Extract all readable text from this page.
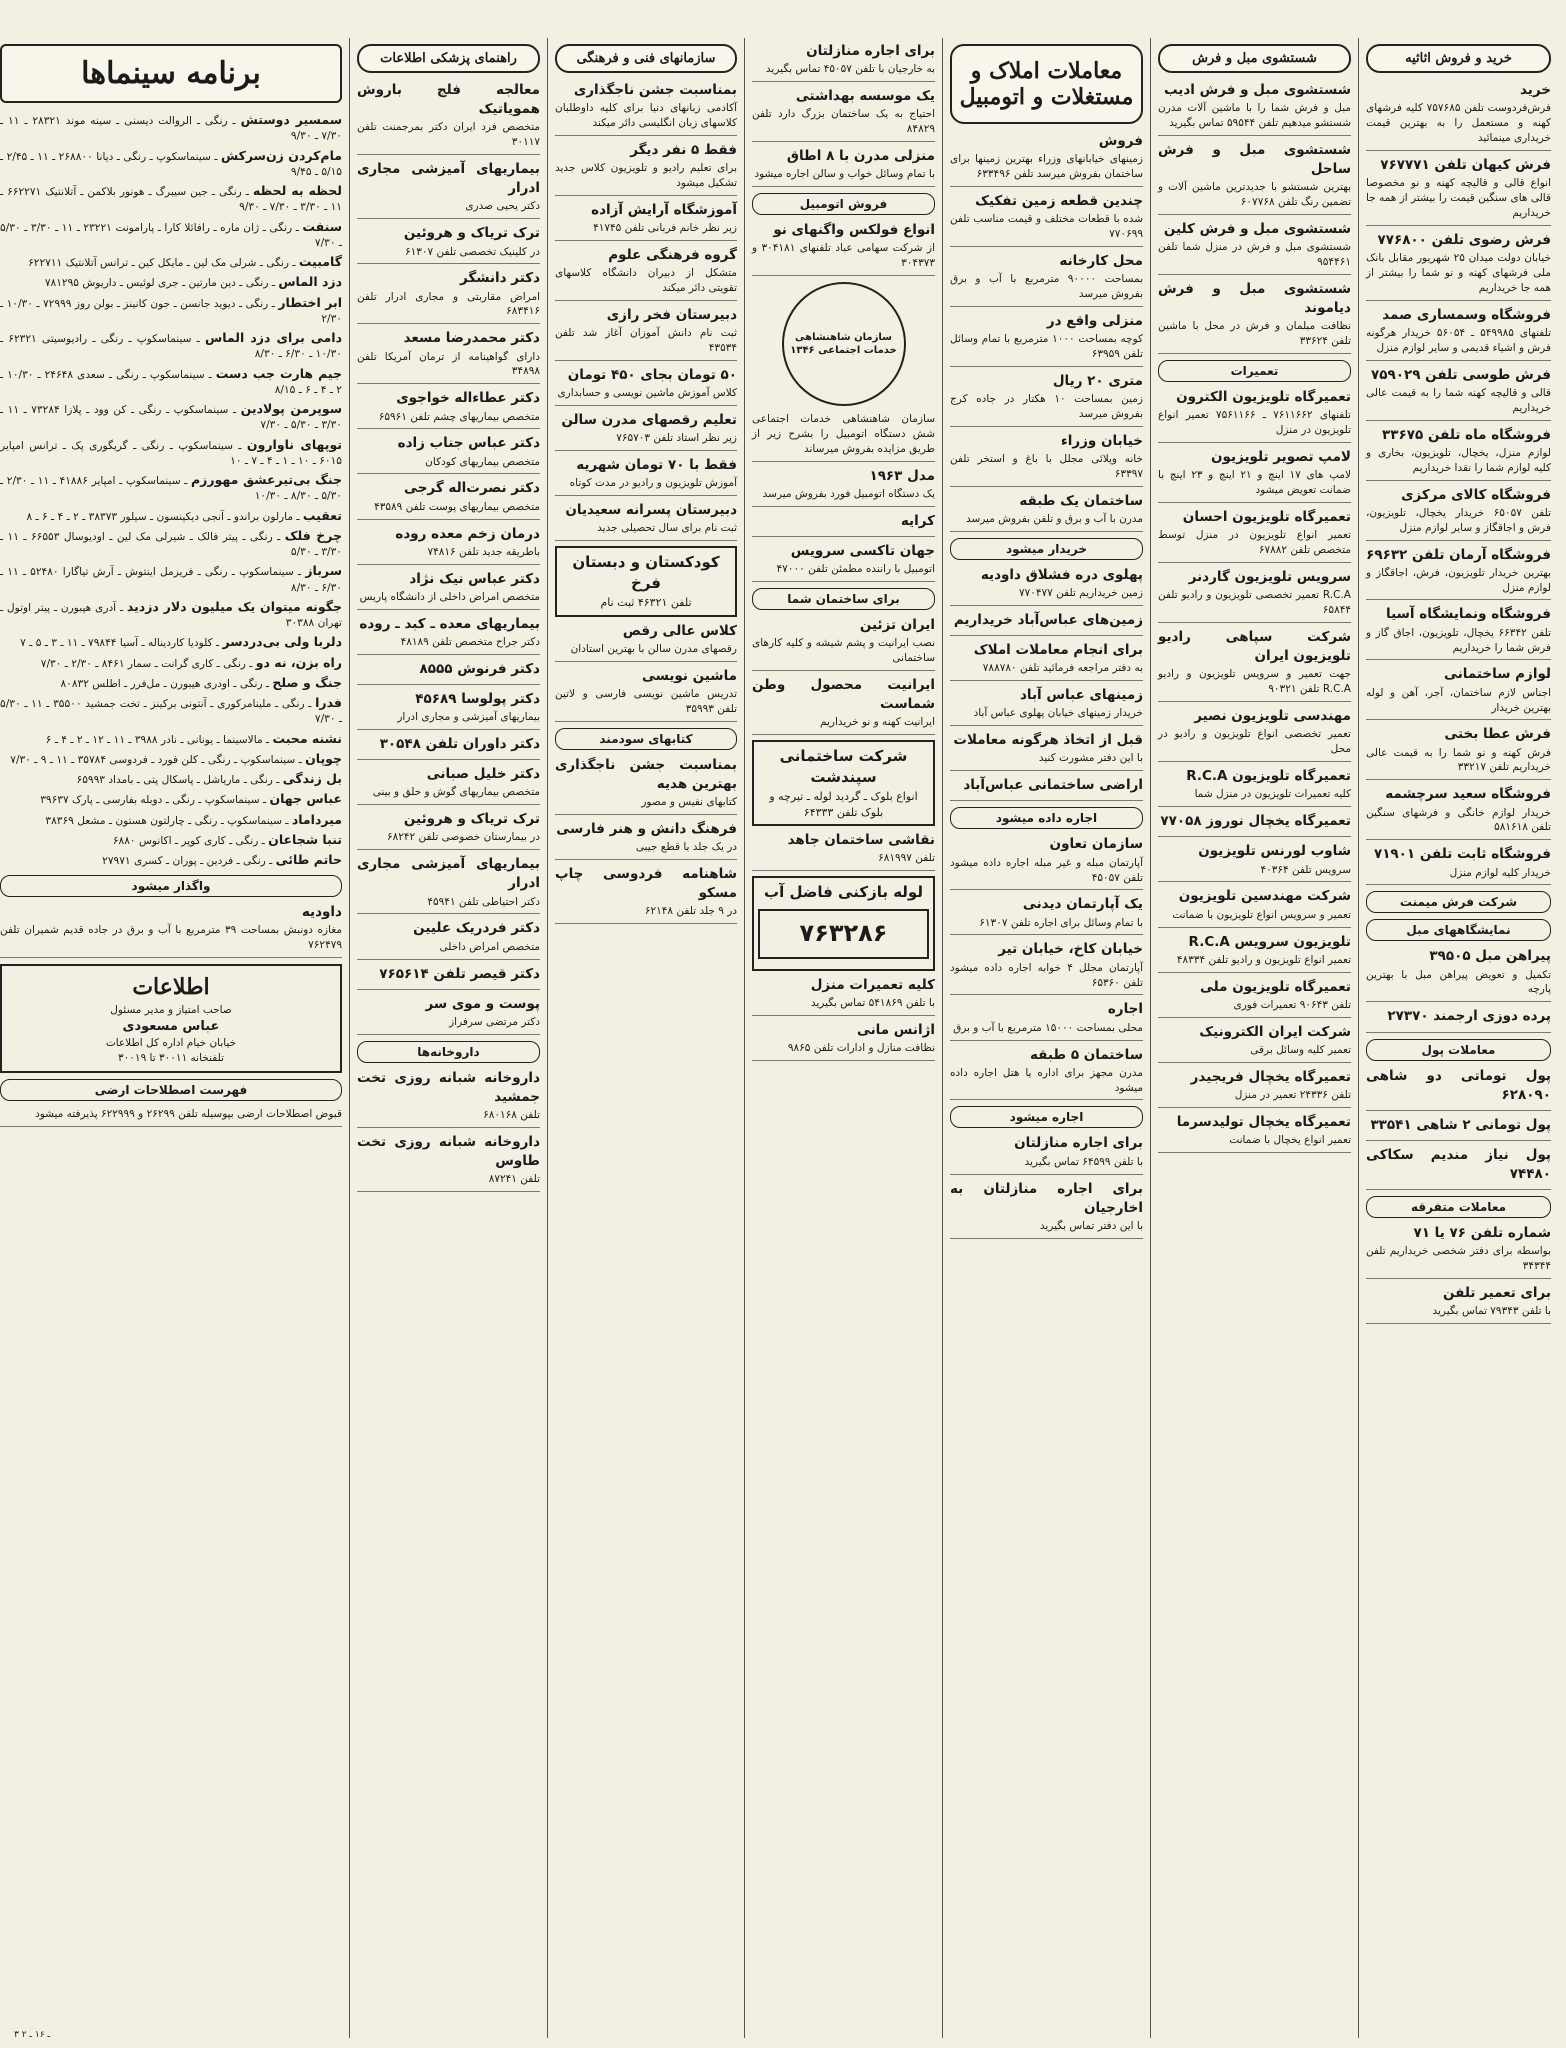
خرید و فروش اثاثیه
خرید
فرش‌فردوست تلفن ۷۵۷۶۸۵ کلیه فرشهای کهنه و مستعمل را به بهترین قیمت خریداری مینمائید
فرش کیهان تلفن ۷۶۷۷۷۱
انواع قالی و قالیچه کهنه و نو مخصوصا قالی های سنگین قیمت را بیشتر از همه جا خریداریم
فرش رضوی تلفن ۷۷۶۸۰۰
خیابان دولت میدان ۲۵ شهریور مقابل بانک ملی فرشهای کهنه و نو شما را بیشتر از همه جا خریداریم
فروشگاه وسمساری صمد
تلفنهای ۵۴۹۹۸۵ ـ ۵۶۰۵۴ خریدار هرگونه فرش و اشیاء قدیمی و سایر لوازم منزل
فرش طوسی تلفن ۷۵۹۰۲۹
قالی و قالیچه کهنه شما را به قیمت عالی خریداریم
فروشگاه ماه تلفن ۳۳۶۷۵
لوازم منزل، یخچال، تلویزیون، بخاری و کلیه لوازم شما را نقدا خریداریم
فروشگاه کالای مرکزی
تلفن ۶۵۰۵۷ خریدار یخچال، تلویزیون، فرش و اجاقگاز و سایر لوازم منزل
فروشگاه آرمان تلفن ۶۹۶۳۲
بهترین خریدار تلویزیون، فرش، اجاقگاز و لوازم منزل
فروشگاه ونمایشگاه آسیا
تلفن ۶۶۳۴۲ یخچال، تلویزیون، اجاق گاز و فرش شما را خریداریم
لوازم ساختمانی
اجناس لازم ساختمان، آجر، آهن و لوله بهترین خریدار
فرش عطا بختی
فرش کهنه و نو شما را به قیمت عالی خریداریم تلفن ۳۳۲۱۷
فروشگاه سعید سرچشمه
خریدار لوازم خانگی و فرشهای سنگین تلفن ۵۸۱۶۱۸
فروشگاه ثابت تلفن ۷۱۹۰۱
خریدار کلیه لوازم منزل
شرکت فرش میمنت
نمایشگاههای مبل
پیراهن مبل ۳۹۵۰۵
تکمیل و تعویض پیراهن مبل با بهترین پارچه
پرده دوزی ارجمند ۲۷۳۷۰
معاملات پول
پول توماتی دو شاهی ۶۲۸۰۹۰
پول تومانی ۲ شاهی ۳۳۵۴۱
پول نیاز مندیم سکاکی ۷۴۴۸۰
معاملات متفرقه
شماره تلفن ۷۶ یا ۷۱
بواسطه برای دفتر شخصی خریداریم تلفن ۳۴۳۴۴
برای تعمیر تلفن
با تلفن ۷۹۳۴۳ تماس بگیرید
شستشوی مبل و فرش
شستشوی مبل و فرش ادیب
مبل و فرش شما را با ماشین آلات مدرن شستشو میدهیم تلفن ۵۹۵۴۴ تماس بگیرید
شستشوی مبل و فرش ساحل
بهترین شستشو با جدیدترین ماشین آلات و تضمین رنگ تلفن ۶۰۷۷۶۸
شستشوی مبل و فرش کلین
شستشوی مبل و فرش در منزل شما تلفن ۹۵۴۴۶۱
شستشوی مبل و فرش دیاموند
نظافت مبلمان و فرش در محل با ماشین تلفن ۳۳۶۲۴
تعمیرات
تعمیرگاه تلویزیون الکترون
تلفنهای ۷۶۱۱۶۶۲ ـ ۷۵۶۱۱۶۶ تعمیر انواع تلویزیون در منزل
لامپ تصویر تلویزیون
لامپ های ۱۷ اینچ و ۲۱ اینچ و ۲۳ اینچ با ضمانت تعویض میشود
تعمیرگاه تلویزیون احسان
تعمیر انواع تلویزیون در منزل توسط متخصص تلفن ۶۷۸۸۲
سرویس تلویزیون گاردنر
R.C.A تعمیر تخصصی تلویزیون و رادیو تلفن ۶۵۸۴۴
شرکت سپاهی رادیو تلویزیون ایران
جهت تعمیر و سرویس تلویزیون و رادیو R.C.A تلفن ۹۰۳۲۱
مهندسی تلویزیون نصیر
تعمیر تخصصی انواع تلویزیون و رادیو در محل
تعمیرگاه تلویزیون R.C.A
کلیه تعمیرات تلویزیون در منزل شما
تعمیرگاه یخچال نوروز ۷۷۰۵۸
شاوب لورنس تلویزیون
سرویس تلفن ۴۰۳۶۴
شرکت مهندسین تلویزیون
تعمیر و سرویس انواع تلویزیون با ضمانت
تلویزیون سرویس R.C.A
تعمیر انواع تلویزیون و رادیو تلفن ۴۸۳۳۴
تعمیرگاه تلویزیون ملی
تلفن ۹۰۶۴۳ تعمیرات فوری
شرکت ایران الکترونیک
تعمیر کلیه وسائل برقی
تعمیرگاه یخچال فریجیدر
تلفن ۲۴۳۳۶ تعمیر در منزل
تعمیرگاه یخچال تولیدسرما
تعمیر انواع یخچال با ضمانت
معاملات املاک و مستغلات و اتومبیل
فروش
زمینهای خیابانهای وزراء بهترین زمینها برای ساختمان بفروش میرسد تلفن ۶۳۳۴۹۶
چندین قطعه زمین تفکیک
شده با قطعات مختلف و قیمت مناسب تلفن ۷۷۰۶۹۹
محل کارخانه
بمساحت ۹۰۰۰۰ مترمربع با آب و برق بفروش میرسد
منزلی واقع در
کوچه بمساحت ۱۰۰۰ مترمربع با تمام وسائل تلفن ۶۳۹۵۹
متری ۲۰ ریال
زمین بمساحت ۱۰ هکتار در جاده کرج بفروش میرسد
خیابان وزراء
خانه ویلائی مجلل با باغ و استخر تلفن ۶۳۳۹۷
ساختمان یک طبقه
مدرن با آب و برق و تلفن بفروش میرسد
خریدار میشود
پهلوی دره فشلاق داودیه
زمین خریداریم تلفن ۷۷۰۴۷۷
زمین‌های عباس‌آباد خریداریم
برای انجام معاملات املاک
به دفتر مراجعه فرمائید تلفن ۷۸۸۷۸۰
زمینهای عباس آباد
خریدار زمینهای خیابان پهلوی عباس آباد
قبل از اتخاذ هرگونه معاملات
با این دفتر مشورت کنید
اراضی ساختمانی عباس‌آباد
اجاره داده میشود
سازمان تعاون
آپارتمان مبله و غیر مبله اجاره داده میشود تلفن ۴۵۰۵۷
یک آپارتمان دیدنی
با تمام وسائل برای اجاره تلفن ۶۱۳۰۷
خیابان کاخ، خیابان تیر
آپارتمان مجلل ۴ خوابه اجاره داده میشود تلفن ۶۵۳۶۰
اجاره
محلی بمساحت ۱۵۰۰۰ مترمربع با آب و برق
ساختمان ۵ طبقه
مدرن مجهز برای اداره یا هتل اجاره داده میشود
اجاره میشود
برای اجاره منازلتان
با تلفن ۶۴۵۹۹ تماس بگیرید
برای اجاره منازلتان به اخارجیان
با این دفتر تماس بگیرید
برای اجاره منازلتان
به خارجیان با تلفن ۴۵۰۵۷ تماس بگیرید
یک موسسه بهداشتی
احتیاج به یک ساختمان بزرگ دارد تلفن ۸۴۸۲۹
منزلی مدرن با ۸ اطاق
با تمام وسائل خواب و سالن اجاره میشود
فروش اتومبیل
انواع فولکس واگنهای نو
از شرکت سهامی عباد تلفنهای ۳۰۴۱۸۱ و ۳۰۴۳۷۳
سازمان شاهنشاهی خدمات اجتماعی ۱۳۴۶
سازمان شاهنشاهی خدمات اجتماعی شش دستگاه اتومبیل را بشرح زیر از طریق مزایده بفروش میرساند
مدل ۱۹۶۳
یک دستگاه اتومبیل فورد بفروش میرسد
کرایه
جهان تاکسی سرویس
اتومبیل با راننده مطمئن تلفن ۴۷۰۰۰
برای ساختمان شما
ایران تزئین
نصب ایرانیت و پشم شیشه و کلیه کارهای ساختمانی
ایرانیت محصول وطن شماست
ایرانیت کهنه و نو خریداریم
شرکت ساختمانی سپندشت
انواع بلوک ـ گردید لوله ـ تیرچه و بلوک تلفن ۶۴۳۳۳
نقاشی ساختمان جاهد
تلفن ۶۸۱۹۹۷
لوله بازکنی فاضل آب
۷۶۳۲۸۶
کلیه تعمیرات منزل
با تلفن ۵۴۱۸۶۹ تماس بگیرید
اژانس مانی
نظافت منازل و ادارات تلفن ۹۸۶۵
سازمانهای فنی و فرهنگی
بمناسبت جشن ناجگذاری
آکادمی زبانهای دنیا برای کلیه داوطلبان کلاسهای زبان انگلیسی دائر میکند
فقط ۵ نفر دیگر
برای تعلیم رادیو و تلویزیون کلاس جدید تشکیل میشود
آموزشگاه آرایش آزاده
زیر نظر خانم فربانی تلفن ۴۱۷۴۵
گروه فرهنگی علوم
متشکل از دبیران دانشگاه کلاسهای تقویتی دائر میکند
دبیرستان فخر رازی
ثبت نام دانش آموزان آغاز شد تلفن ۴۳۵۳۴
۵۰ تومان بجای ۴۵۰ تومان
کلاس آموزش ماشین نویسی و حسابداری
تعلیم رقصهای مدرن سالن
زیر نظر استاد تلفن ۷۶۵۷۰۳
فقط با ۷۰ تومان شهریه
آموزش تلویزیون و رادیو در مدت کوتاه
دبیرستان پسرانه سعیدیان
ثبت نام برای سال تحصیلی جدید
کودکستان و دبستان فرخ
تلفن ۴۶۳۲۱ ثبت نام
کلاس عالی رقص
رقصهای مدرن سالن با بهترین استادان
ماشین نویسی
تدریس ماشین نویسی فارسی و لاتین تلفن ۳۵۹۹۳
کتابهای سودمند
بمناسبت جشن ناجگذاری بهترین هدیه
کتابهای نفیس و مصور
فرهنگ دانش و هنر فارسی
در یک جلد با قطع جیبی
شاهنامه فردوسی چاپ مسکو
در ۹ جلد تلفن ۶۲۱۴۸
راهنمای پزشکی اطلاعات
معالجه فلج باروش همویاتیک
متخصص فرد ایران دکتر بمرجمنت تلفن ۳۰۱۱۷
بیماریهای آمیزشی مجاری ادرار
دکتر یحیی صدری
ترک تریاک و هروئین
در کلینیک تخصصی تلفن ۶۱۳۰۷
دکتر دانشگر
امراض مقاربتی و مجاری ادرار تلفن ۶۸۳۴۱۶
دکتر محمدرضا مسعد
دارای گواهینامه از ترمان آمریکا تلفن ۳۴۸۹۸
دکتر عطاءاله خواجوی
متخصص بیماریهای چشم تلفن ۶۵۹۶۱
دکتر عباس جناب زاده
متخصص بیماریهای کودکان
دکتر نصرت‌اله گرجی
متخصص بیماریهای پوست تلفن ۴۳۵۸۹
درمان زخم معده روده
باطریقه جدید تلفن ۷۴۸۱۶
دکتر عباس نیک نژاد
متخصص امراض داخلی از دانشگاه پاریس
بیماریهای معده ـ کبد ـ روده
دکتر جراح متخصص تلفن ۴۸۱۸۹
دکتر فرنوش ۸۵۵۵
دکتر پولوسا ۴۵۶۸۹
بیماریهای آمیزشی و مجاری ادرار
دکتر داوران تلفن ۳۰۵۴۸
دکتر خلیل صبانی
متخصص بیماریهای گوش و حلق و بینی
ترک تریاک و هروئین
در بیمارستان خصوصی تلفن ۶۸۲۴۲
بیماریهای آمیزشی مجاری ادرار
دکتر احتیاطی تلفن ۴۵۹۴۱
دکتر فردریک علیین
متخصص امراض داخلی
دکتر قیصر تلفن ۷۶۵۶۱۴
پوست و موی سر
دکتر مرتضی سرفراز
داروخانه‌ها
داروخانه شبانه روزی تخت جمشید
تلفن ۶۸۰۱۶۸
داروخانه شبانه روزی تخت طاوس
تلفن ۸۷۲۴۱
برنامه سینماها
سمسیر دوستش ـ رنگی ـ الروالت دیسنی ـ سینه موند ۲۸۳۲۱ ـ ۱۱ ـ ۷/۳۰ ـ ۹/۳۰
مام‌کردن زن‌سرکش ـ سینماسکوپ ـ رنگی ـ دیانا ۲۶۸۸۰۰ ـ ۱۱ ـ ۲/۴۵ ـ ۵/۱۵ ـ ۹/۴۵
لحظه به لحظه ـ رنگی ـ جین سیبرگ ـ هونور بلاکمن ـ آتلانتیک ۶۶۲۲۷۱ ـ ۱۱ ـ ۳/۳۰ ـ ۷/۳۰ ـ ۹/۳۰
سنفت ـ رنگی ـ ژان ماره ـ رافائلا کارا ـ پارامونت ۲۳۲۲۱ ـ ۱۱ ـ ۳/۳۰ ـ ۵/۳۰ ـ ۷/۳۰
گامبیت ـ رنگی ـ شرلی مک لین ـ مایکل کین ـ ترانس آتلانتیک ۶۲۲۷۱۱
دزد الماس ـ رنگی ـ دین مارتین ـ جری لوئیس ـ داریوش ۷۸۱۲۹۵
ابر اختطار ـ رنگی ـ دیوید جانسن ـ جون کانینز ـ بولن روز ۷۲۹۹۹ ـ ۱۰/۳۰ ـ ۲/۳۰
دامی برای دزد الماس ـ سینماسکوپ ـ رنگی ـ رادیوسیتی ۶۲۳۲۱ ـ ۱۰/۳۰ ـ ۶/۳۰ ـ ۸/۳۰
جیم هارت جب دست ـ سینماسکوپ ـ رنگی ـ سعدی ۲۴۶۴۸ ـ ۱۰/۳۰ ـ ۲ ـ ۴ ـ ۶ ـ ۸/۱۵
سوپرمن پولادین ـ سینماسکوپ ـ رنگی ـ کن وود ـ پلازا ۷۳۲۸۴ ـ ۱۱ ـ ۳/۳۰ ـ ۵/۳۰ ـ ۷/۳۰
توپهای ناوارون ـ سینماسکوپ ـ رنگی ـ گریگوری پک ـ ترانس امپایر ۶۰۱۵ ـ ۱۰ ـ ۱ ـ ۴ ـ ۷ ـ ۱۰
جنگ بی‌تیرعشق مهورزم ـ سینماسکوپ ـ امپایر ۴۱۸۸۶ ـ ۱۱ ـ ۲/۳۰ ـ ۵/۳۰ ـ ۸/۳۰ ـ ۱۰/۳۰
تعقیب ـ مارلون براندو ـ آنجی دیکینسون ـ سیلور ۳۸۳۷۳ ـ ۲ ـ ۴ ـ ۶ ـ ۸
چرخ فلک ـ رنگی ـ پیتر فالک ـ شیرلی مک لین ـ اودیوسال ۶۶۵۵۳ ـ ۱۱ ـ ۳/۳۰ ـ ۵/۳۰
سرباز ـ سینماسکوپ ـ رنگی ـ فریزمل اینتوش ـ آرش تیاگارا ۵۲۴۸۰ ـ ۱۱ ـ ۶/۳۰ ـ ۸/۳۰
جگونه میتوان یک میلیون دلار دزدید ـ آدری هپبورن ـ پیتر اوتول ـ تهران ۳۰۳۸۸
دلربا ولی بی‌دردسر ـ کلودیا کاردیناله ـ آسیا ۷۹۸۴۴ ـ ۱۱ ـ ۳ ـ ۵ ـ ۷
راه بزن، نه دو ـ رنگی ـ کاری گرانت ـ سمار ۸۴۶۱ ـ ۲/۳۰ ـ ۷/۳۰
جنگ و صلح ـ رنگی ـ اودری هیبورن ـ مل‌فرر ـ اطلس ۸۰۸۳۲
فدرا ـ رنگی ـ ملینامرکوری ـ آنتونی برکینز ـ تخت جمشید ۳۵۵۰۰ ـ ۱۱ ـ ۵/۳۰ ـ ۷/۳۰
نشنه محبت ـ مالاسینما ـ یونانی ـ نادر ۳۹۸۸ ـ ۱۱ ـ ۱۲ ـ ۲ ـ ۴ ـ ۶
چوپان ـ سینماسکوپ ـ رنگی ـ کلن فورد ـ فردوسی ۳۵۷۸۴ ـ ۱۱ ـ ۹ ـ ۷/۳۰
بل زندگی ـ رنگی ـ ماریاشل ـ پاسکال پتی ـ بامداد ۶۵۹۹۳
عباس جهان ـ سینماسکوپ ـ رنگی ـ دوبله بفارسی ـ پارک ۳۹۶۳۷
میرداماد ـ سینماسکوپ ـ رنگی ـ چارلتون هستون ـ مشعل ۳۸۳۶۹
تنبا شجاعان ـ رنگی ـ کاری کوپر ـ اکانوس ۶۸۸۰
حاتم طائی ـ رنگی ـ فردین ـ پوران ـ کسری ۲۷۹۷۱
واگذار میشود
داودیه
مغازه دونبش بمساحت ۳۹ مترمربع با آب و برق در جاده قدیم شمیران تلفن ۷۶۲۴۷۹
اطلاعات
صاحب امتیاز و مدیر مسئول
عباس مسعودی
خیابان خیام اداره کل اطلاعات
تلفنخانه ۳۰۰۱۱ تا ۳۰۰۱۹
فهرست اصطلاحات ارضی
قبوض اصطلاحات ارضی بپوسیله تلفن ۲۶۲۹۹ و ۶۲۲۹۹۹ پذیرفته میشود
۳ ـ ۱۶ ـ ۲
